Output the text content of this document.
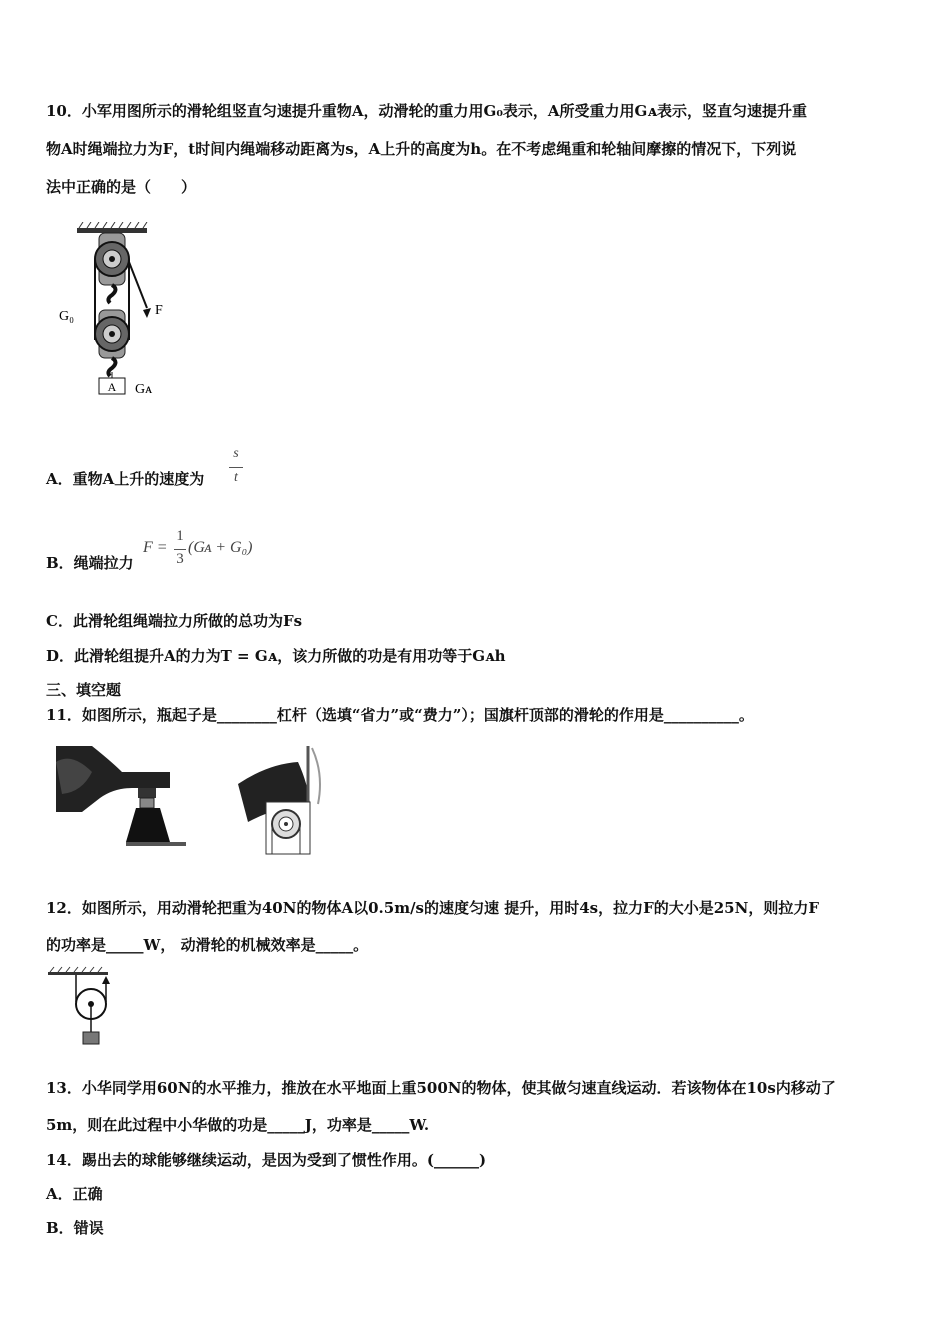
10．小军用图所示的滑轮组竖直匀速提升重物A，动滑轮的重力用G₀表示，A所受重力用Gᴀ表示，竖直匀速提升重
物A时绳端拉力为F，t时间内绳端移动距离为s，A上升的高度为h。在不考虑绳重和轮轴间摩擦的情况下，下列说
法中正确的是（　　）
A
G₀	F
Gᴀ
A．重物A上升的速度为
s
t
B．绳端拉力
F =
1
3
(Gᴀ + G₀)
C．此滑轮组绳端拉力所做的总功为Fs
D．此滑轮组提升A的力为T = Gᴀ，该力所做的功是有用功等于Gᴀh
三、填空题
11．如图所示，瓶起子是________杠杆（选填“省力”或“费力”）；国旗杆顶部的滑轮的作用是__________。
12．如图所示，用动滑轮把重为40N的物体A以0.5m/s的速度匀速 提升，用时4s，拉力F的大小是25N，则拉力F
的功率是_____W， 动滑轮的机械效率是_____。
13．小华同学用60N的水平推力，推放在水平地面上重500N的物体，使其做匀速直线运动．若该物体在10s内移动了
5m，则在此过程中小华做的功是_____J，功率是_____W.
14．踢出去的球能够继续运动，是因为受到了惯性作用。(______)
A．正确
B．错误
